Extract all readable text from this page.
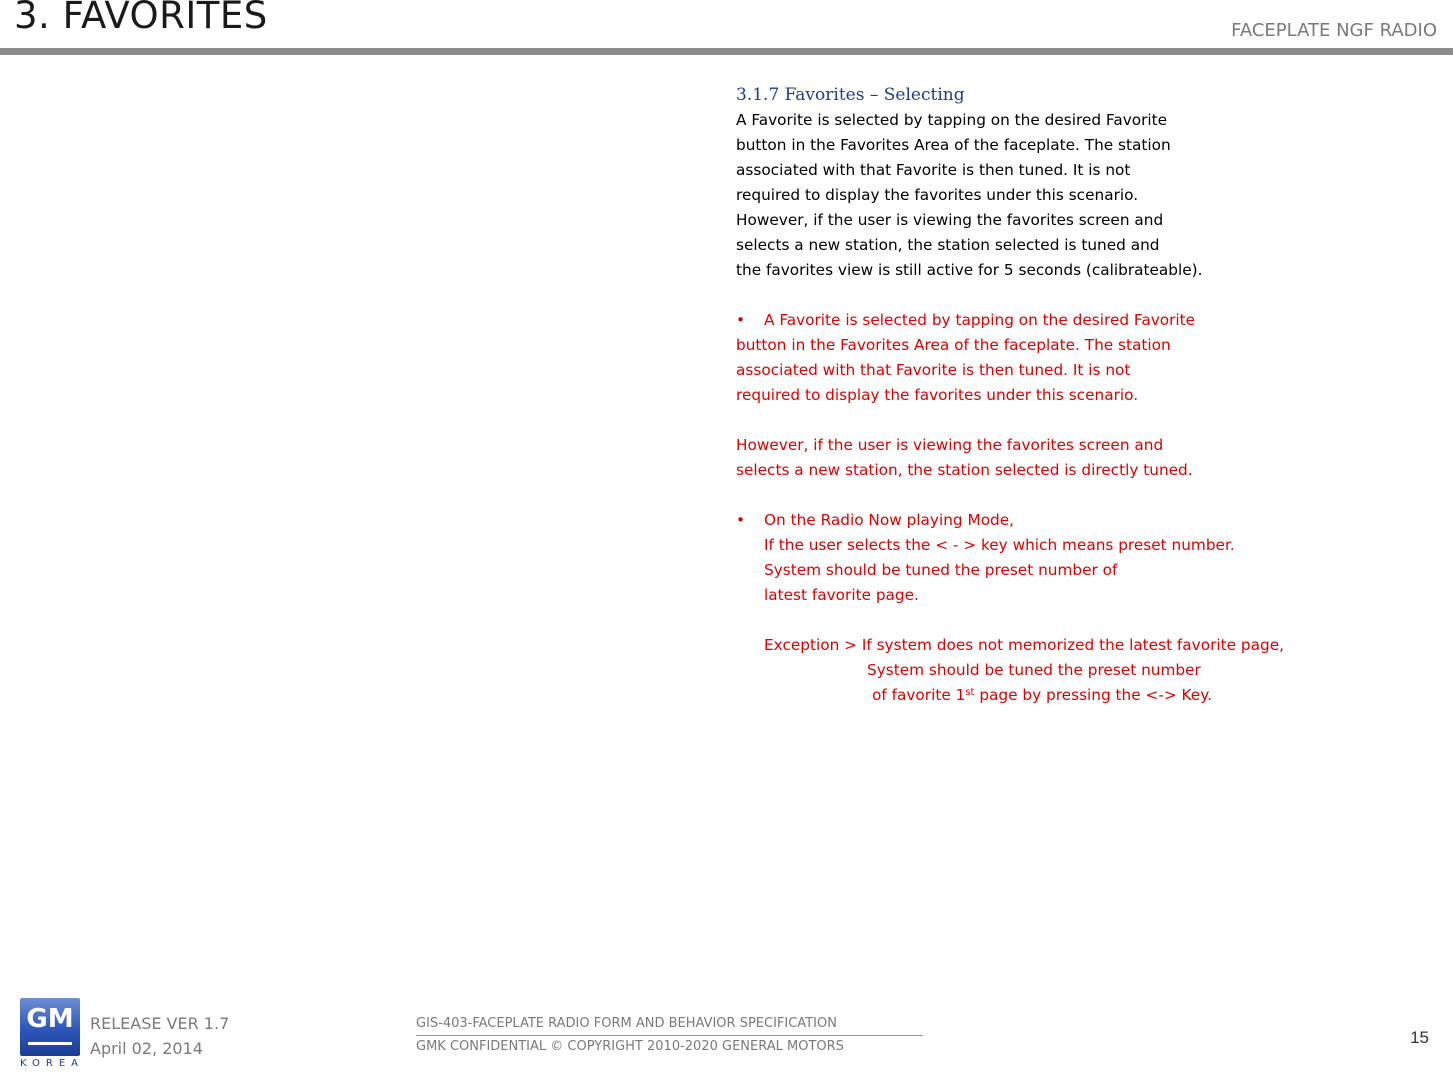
3. FAVORITES	FACEPLATE NGF RADIO
3.1.7 Favorites – Selecting
A Favorite is selected by tapping on the desired Favorite
button in the Favorites Area of the faceplate. The station
associated with that Favorite is then tuned. It is not
required to display the favorites under this scenario.
However, if the user is viewing the favorites screen and
selects a new station, the station selected is tuned and
the favorites view is still active for 5 seconds (calibrateable).
• A Favorite is selected by tapping on the desired Favorite
button in the Favorites Area of the faceplate. The station
associated with that Favorite is then tuned. It is not
required to display the favorites under this scenario.
However, if the user is viewing the favorites screen and
selects a new station, the station selected is directly tuned.
• On the Radio Now playing Mode,
If the user selects the < - > key which means preset number.
System should be tuned the preset number of
latest favorite page.
Exception > If system does not memorized the latest favorite page,
System should be tuned the preset number
of favorite 1st page by pressing the <-> Key.
GM
KOREA
RELEASE VER 1.7
April 02, 2014
GIS-403-FACEPLATE RADIO FORM AND BEHAVIOR SPECIFICATION
GMK CONFIDENTIAL © COPYRIGHT 2010-2020 GENERAL MOTORS	15
